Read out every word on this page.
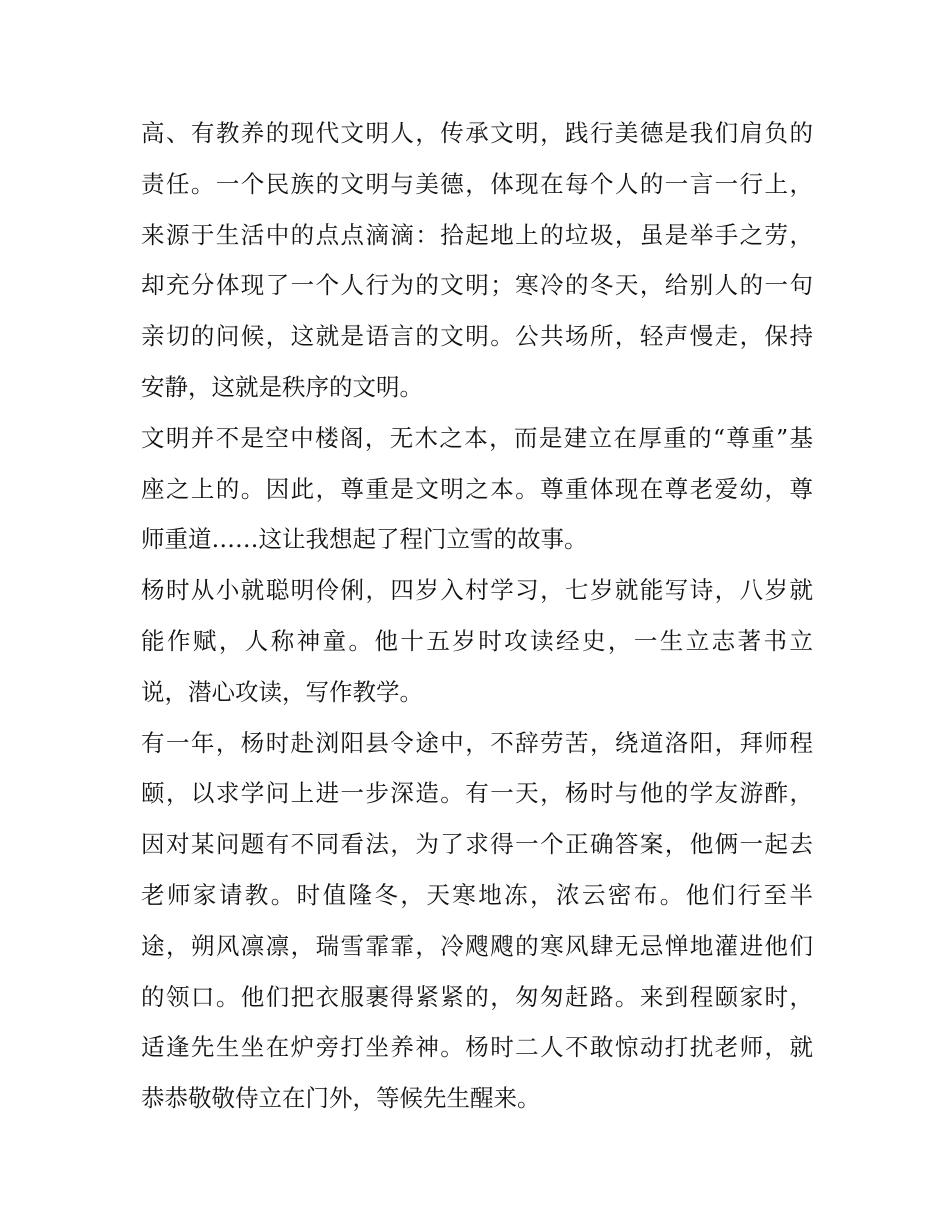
高、有教养的现代文明人，传承文明，践行美德是我们肩负的
责任。一个民族的文明与美德，体现在每个人的一言一行上，
来源于生活中的点点滴滴：拾起地上的垃圾，虽是举手之劳，
却充分体现了一个人行为的文明；寒冷的冬天，给别人的一句
亲切的问候，这就是语言的文明。公共场所，轻声慢走，保持
安静，这就是秩序的文明。
文明并不是空中楼阁，无木之本，而是建立在厚重的“尊重”基
座之上的。因此，尊重是文明之本。尊重体现在尊老爱幼，尊
师重道……这让我想起了程门立雪的故事。
杨时从小就聪明伶俐，四岁入村学习，七岁就能写诗，八岁就
能作赋，人称神童。他十五岁时攻读经史，一生立志著书立
说，潜心攻读，写作教学。
有一年，杨时赴浏阳县令途中，不辞劳苦，绕道洛阳，拜师程
颐，以求学问上进一步深造。有一天，杨时与他的学友游酢，
因对某问题有不同看法，为了求得一个正确答案，他俩一起去
老师家请教。时值隆冬，天寒地冻，浓云密布。他们行至半
途，朔风凛凛，瑞雪霏霏，冷飕飕的寒风肆无忌惮地灌进他们
的领口。他们把衣服裹得紧紧的，匆匆赶路。来到程颐家时，
适逢先生坐在炉旁打坐养神。杨时二人不敢惊动打扰老师，就
恭恭敬敬侍立在门外，等候先生醒来。
